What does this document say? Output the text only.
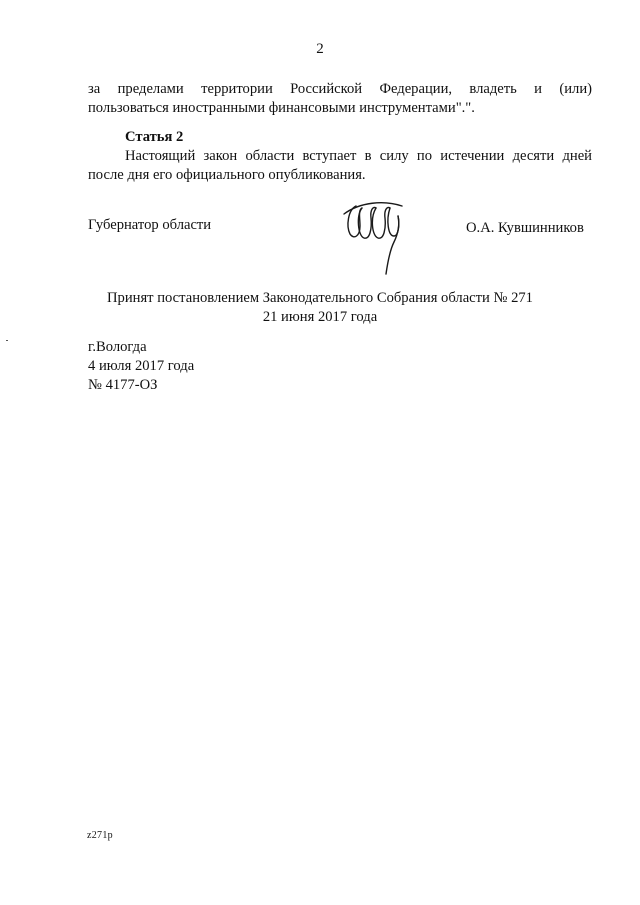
2
за пределами территории Российской Федерации, владеть и (или)
пользоваться иностранными финансовыми инструментами".".
Статья 2
Настоящий закон области вступает в силу по истечении десяти дней
после дня его официального опубликования.
Губернатор области	О.А. Кувшинников
Принят постановлением Законодательного Собрания области № 271
21 июня 2017 года
г.Вологда
4 июля 2017 года
№ 4177-ОЗ
z271p
